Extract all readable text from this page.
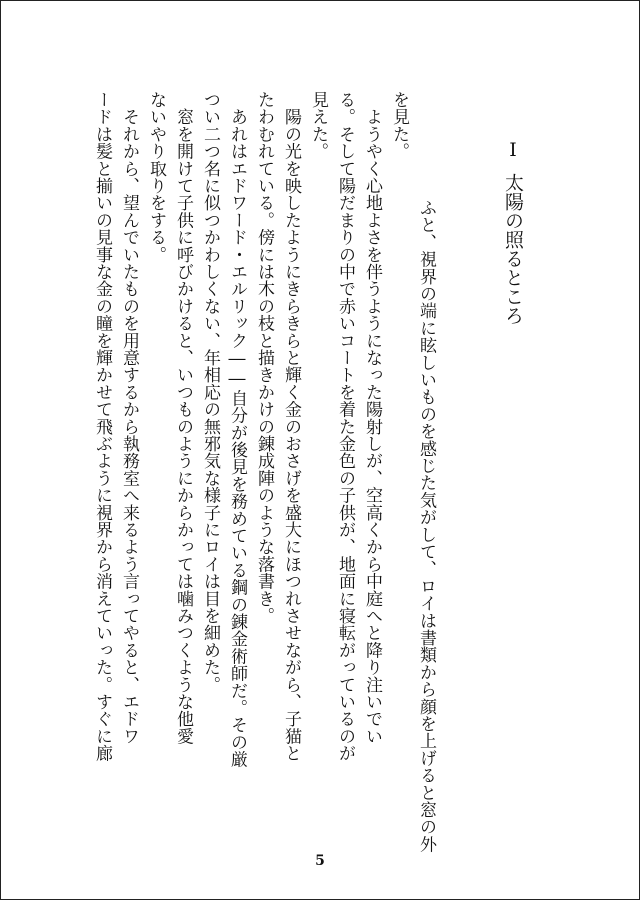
I太陽の照るところ
ふと、視界の端に眩しいものを感じた気がして、ロイは書類から顔を上げると窓の外
を見た。
　ようやく心地よさを伴うようになった陽射しが、空高くから中庭へと降り注いでい
る。そして陽だまりの中で赤いコートを着た金色の子供が、地面に寝転がっているのが
見えた。
　陽の光を映したようにきらきらと輝く金のおさげを盛大にほつれさせながら、子猫と
たわむれている。傍には木の枝と描きかけの錬成陣のような落書き。
　あれはエドワード・エルリック――自分が後見を務めている鋼の錬金術師だ。その厳
つい二つ名に似つかわしくない、年相応の無邪気な様子にロイは目を細めた。
　窓を開けて子供に呼びかけると、いつものようにからかっては噛みつくような他愛
ないやり取りをする。
　それから、望んでいたものを用意するから執務室へ来るよう言ってやると、エドワ
ードは髪と揃いの見事な金の瞳を輝かせて飛ぶように視界から消えていった。すぐに廊
5
